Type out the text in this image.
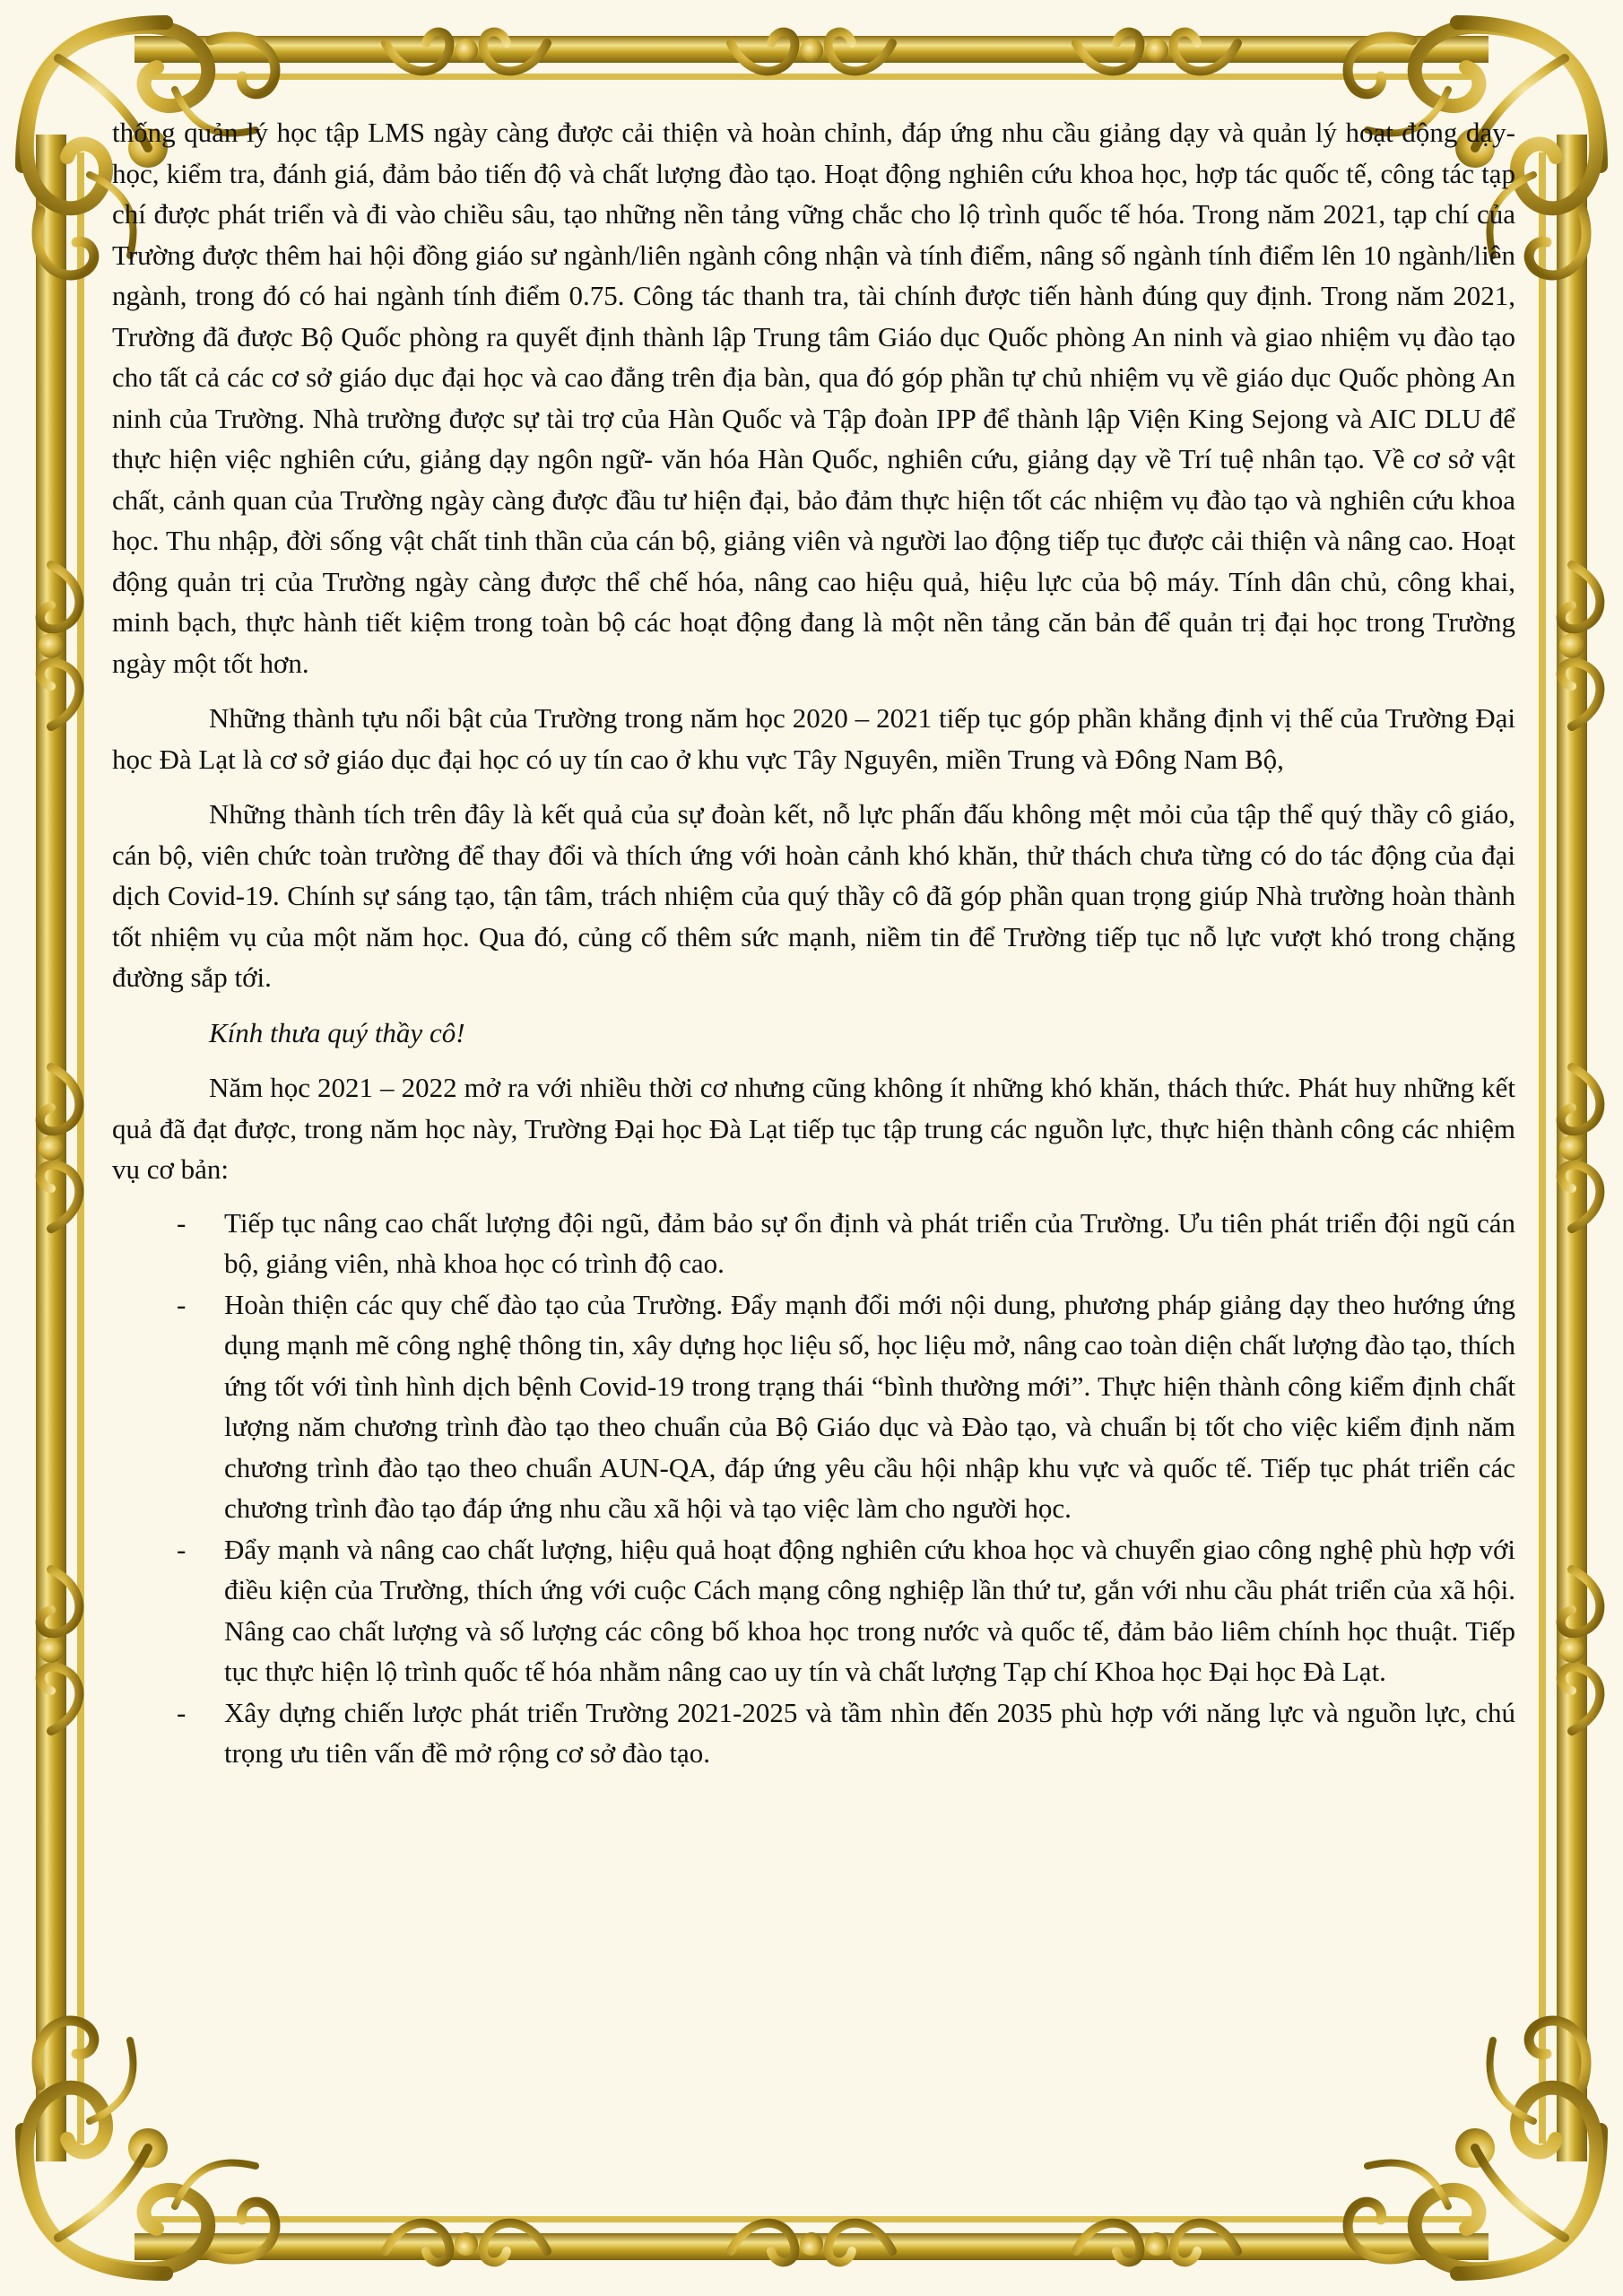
thống quản lý học tập LMS ngày càng được cải thiện và hoàn chỉnh, đáp ứng nhu cầu giảng dạy và quản lý hoạt động dạy-học, kiểm tra, đánh giá, đảm bảo tiến độ và chất lượng đào tạo. Hoạt động nghiên cứu khoa học, hợp tác quốc tế, công tác tạp chí được phát triển và đi vào chiều sâu, tạo những nền tảng vững chắc cho lộ trình quốc tế hóa. Trong năm 2021, tạp chí của Trường được thêm hai hội đồng giáo sư ngành/liên ngành công nhận và tính điểm, nâng số ngành tính điểm lên 10 ngành/liên ngành, trong đó có hai ngành tính điểm 0.75. Công tác thanh tra, tài chính được tiến hành đúng quy định. Trong năm 2021, Trường đã được Bộ Quốc phòng ra quyết định thành lập Trung tâm Giáo dục Quốc phòng An ninh và giao nhiệm vụ đào tạo cho tất cả các cơ sở giáo dục đại học và cao đẳng trên địa bàn, qua đó góp phần tự chủ nhiệm vụ về giáo dục Quốc phòng An ninh của Trường. Nhà trường được sự tài trợ của Hàn Quốc và Tập đoàn IPP để thành lập Viện King Sejong và AIC DLU để thực hiện việc nghiên cứu, giảng dạy ngôn ngữ- văn hóa Hàn Quốc, nghiên cứu, giảng dạy về Trí tuệ nhân tạo. Về cơ sở vật chất, cảnh quan của Trường ngày càng được đầu tư hiện đại, bảo đảm thực hiện tốt các nhiệm vụ đào tạo và nghiên cứu khoa học. Thu nhập, đời sống vật chất tinh thần của cán bộ, giảng viên và người lao động tiếp tục được cải thiện và nâng cao. Hoạt động quản trị của Trường ngày càng được thể chế hóa, nâng cao hiệu quả, hiệu lực của bộ máy. Tính dân chủ, công khai, minh bạch, thực hành tiết kiệm trong toàn bộ các hoạt động đang là một nền tảng căn bản để quản trị đại học trong Trường ngày một tốt hơn.

Những thành tựu nổi bật của Trường trong năm học 2020 – 2021 tiếp tục góp phần khẳng định vị thế của Trường Đại học Đà Lạt là cơ sở giáo dục đại học có uy tín cao ở khu vực Tây Nguyên, miền Trung và Đông Nam Bộ,

Những thành tích trên đây là kết quả của sự đoàn kết, nỗ lực phấn đấu không mệt mỏi của tập thể quý thầy cô giáo, cán bộ, viên chức toàn trường để thay đổi và thích ứng với hoàn cảnh khó khăn, thử thách chưa từng có do tác động của đại dịch Covid-19. Chính sự sáng tạo, tận tâm, trách nhiệm của quý thầy cô đã góp phần quan trọng giúp Nhà trường hoàn thành tốt nhiệm vụ của một năm học. Qua đó, củng cố thêm sức mạnh, niềm tin để Trường tiếp tục nỗ lực vượt khó trong chặng đường sắp tới.

Kính thưa quý thầy cô!

Năm học 2021 – 2022 mở ra với nhiều thời cơ nhưng cũng không ít những khó khăn, thách thức. Phát huy những kết quả đã đạt được, trong năm học này, Trường Đại học Đà Lạt tiếp tục tập trung các nguồn lực, thực hiện thành công các nhiệm vụ cơ bản:

- Tiếp tục nâng cao chất lượng đội ngũ, đảm bảo sự ổn định và phát triển của Trường. Ưu tiên phát triển đội ngũ cán bộ, giảng viên, nhà khoa học có trình độ cao.
- Hoàn thiện các quy chế đào tạo của Trường. Đẩy mạnh đổi mới nội dung, phương pháp giảng dạy theo hướng ứng dụng mạnh mẽ công nghệ thông tin, xây dựng học liệu số, học liệu mở, nâng cao toàn diện chất lượng đào tạo, thích ứng tốt với tình hình dịch bệnh Covid-19 trong trạng thái “bình thường mới”. Thực hiện thành công kiểm định chất lượng năm chương trình đào tạo theo chuẩn của Bộ Giáo dục và Đào tạo, và chuẩn bị tốt cho việc kiểm định năm chương trình đào tạo theo chuẩn AUN-QA, đáp ứng yêu cầu hội nhập khu vực và quốc tế. Tiếp tục phát triển các chương trình đào tạo đáp ứng nhu cầu xã hội và tạo việc làm cho người học.
- Đẩy mạnh và nâng cao chất lượng, hiệu quả hoạt động nghiên cứu khoa học và chuyển giao công nghệ phù hợp với điều kiện của Trường, thích ứng với cuộc Cách mạng công nghiệp lần thứ tư, gắn với nhu cầu phát triển của xã hội. Nâng cao chất lượng và số lượng các công bố khoa học trong nước và quốc tế, đảm bảo liêm chính học thuật. Tiếp tục thực hiện lộ trình quốc tế hóa nhằm nâng cao uy tín và chất lượng Tạp chí Khoa học Đại học Đà Lạt.
- Xây dựng chiến lược phát triển Trường 2021-2025 và tầm nhìn đến 2035 phù hợp với năng lực và nguồn lực, chú trọng ưu tiên vấn đề mở rộng cơ sở đào tạo.
